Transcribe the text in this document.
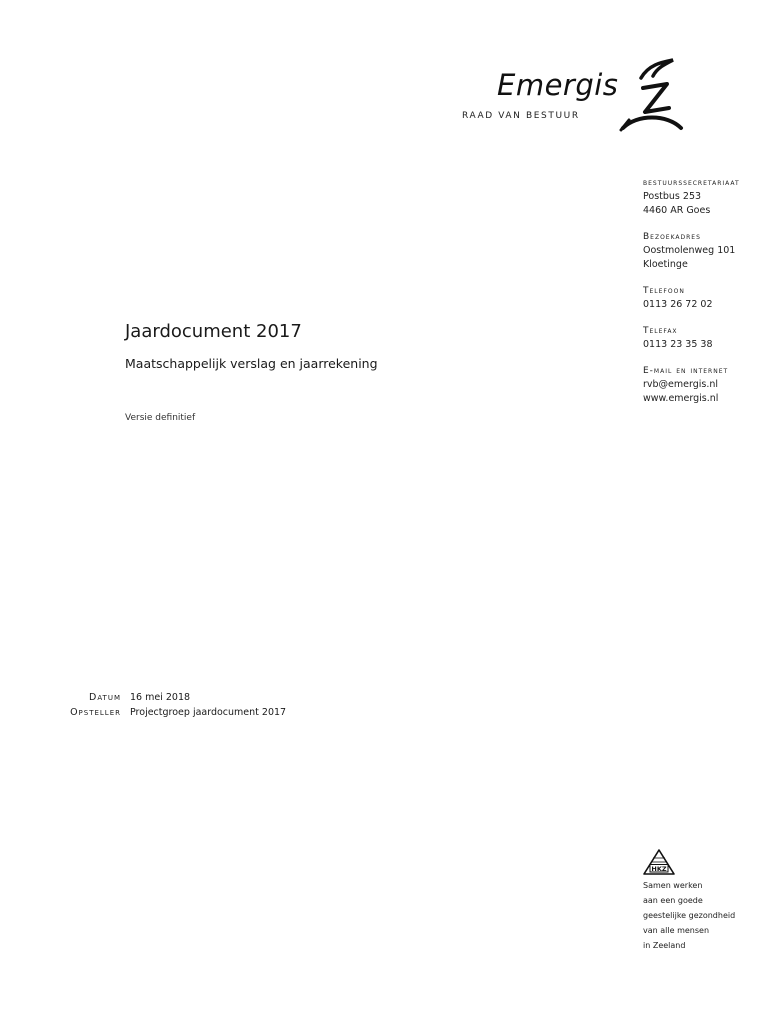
Emergis
RAAD VAN BESTUUR
bestuurssecretariaat
Postbus 253
4460 AR Goes
Bezoekadres
Oostmolenweg 101
Kloetinge
Telefoon
0113 26 72 02
Telefax
0113 23 35 38
E-mail en internet
rvb@emergis.nl
www.emergis.nl
Jaardocument 2017
Maatschappelijk verslag en jaarrekening
Versie definitief
Datum
Opsteller
16 mei 2018
Projectgroep jaardocument 2017
HKZ
Samen werken
aan een goede
geestelijke gezondheid
van alle mensen
in Zeeland
